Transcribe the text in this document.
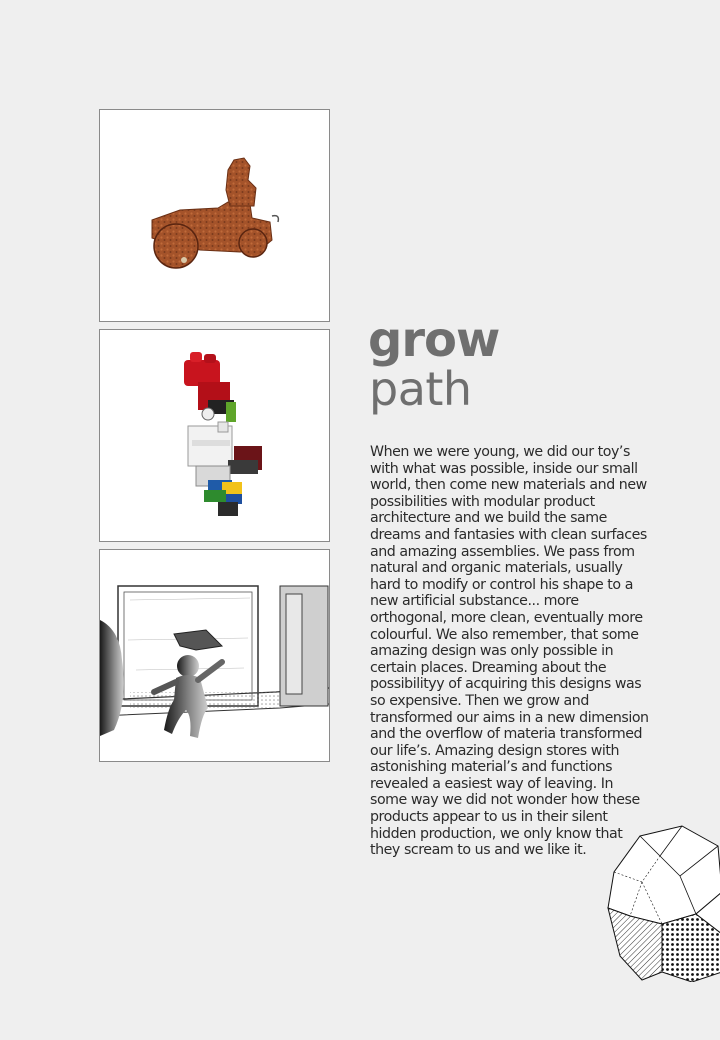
grow
path

When we were young, we did our toy’s with what was possible, inside our small world, then come new materials and new possibilities with modular product architecture and we build the same dreams and fantasies with clean surfaces and amazing assemblies. We pass from natural and organic materials, usually hard to modify or control his shape to a new artificial substance... more orthogonal, more clean, eventually more colourful. We also remember, that some amazing design was only possible in certain places. Dreaming about the possibilityy of acquiring this designs was so expensive. Then we grow and transformed our aims in a new dimension and the overflow of materia transformed our life’s. Amazing design stores with astonishing material’s and functions revealed a easiest way of leaving. In some way we did not wonder how these products appear to us in their silent hidden production, we only know that they scream to us and we like it.
